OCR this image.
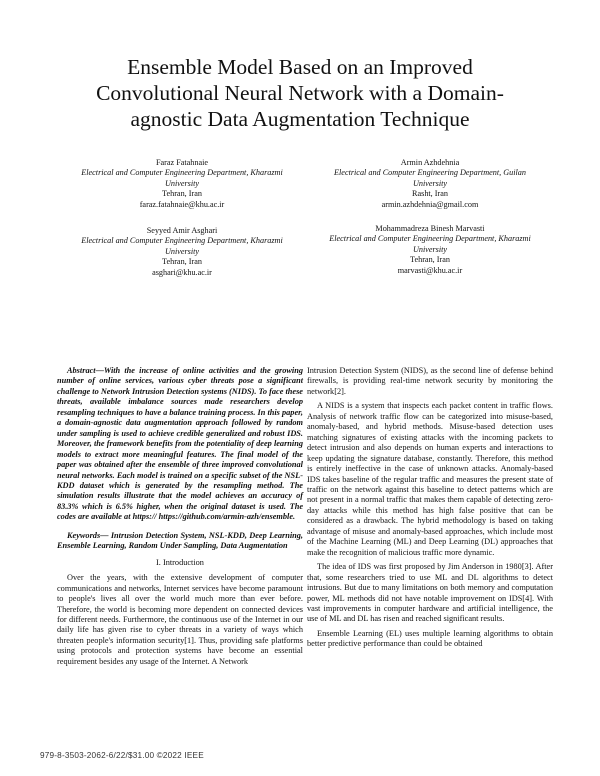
Ensemble Model Based on an Improved
Convolutional Neural Network with a Domain-
agnostic Data Augmentation Technique
Faraz Fatahnaie
Electrical and Computer Engineering Department, Kharazmi
University
Tehran, Iran
faraz.fatahnaie@khu.ac.ir
Armin Azhdehnia
Electrical and Computer Engineering Department, Guilan
University
Rasht, Iran
armin.azhdehnia@gmail.com
Seyyed Amir Asghari
Electrical and Computer Engineering Department, Kharazmi
University
Tehran, Iran
asghari@khu.ac.ir
Mohammadreza Binesh Marvasti
Electrical and Computer Engineering Department, Kharazmi
University
Tehran, Iran
marvasti@khu.ac.ir

Abstract—With the increase of online activities and the growing number of online services, various cyber threats pose a significant challenge to Network Intrusion Detection systems (NIDS). To face these threats, available imbalance sources made researchers develop resampling techniques to have a balance training process. In this paper, a domain-agnostic data augmentation approach followed by random under sampling is used to achieve credible generalized and robust IDS. Moreover, the framework benefits from the potentiality of deep learning models to extract more meaningful features. The final model of the paper was obtained after the ensemble of three improved convolutional neural networks. Each model is trained on a specific subset of the NSL-KDD dataset which is generated by the resampling method. The simulation results illustrate that the model achieves an accuracy of 83.3% which is 6.5% higher, when the original dataset is used. The codes are available at https:// https://github.com/armin-azh/ensemble.

Keywords— Intrusion Detection System, NSL-KDD, Deep Learning, Ensemble Learning, Random Under Sampling, Data Augmentation

I. Introduction

Over the years, with the extensive development of computer communications and networks, Internet services have become paramount to people's lives all over the world much more than ever before. Therefore, the world is becoming more dependent on connected devices for different needs. Furthermore, the continuous use of the Internet in our daily life has given rise to cyber threats in a variety of ways which threaten people's information security[1]. Thus, providing safe platforms using protocols and protection systems have become an essential requirement besides any usage of the Internet. A Network

Intrusion Detection System (NIDS), as the second line of defense behind firewalls, is providing real-time network security by monitoring the network[2].

A NIDS is a system that inspects each packet content in traffic flows. Analysis of network traffic flow can be categorized into misuse-based, anomaly-based, and hybrid methods. Misuse-based detection uses matching signatures of existing attacks with the incoming packets to detect intrusion and also depends on human experts and interactions to keep updating the signature database, constantly. Therefore, this method is entirely ineffective in the case of unknown attacks. Anomaly-based IDS takes baseline of the regular traffic and measures the present state of traffic on the network against this baseline to detect patterns which are not present in a normal traffic that makes them capable of detecting zero-day attacks while this method has high false positive that can be considered as a drawback. The hybrid methodology is based on taking advantage of misuse and anomaly-based approaches, which include most of the Machine Learning (ML) and Deep Learning (DL) approaches that make the recognition of malicious traffic more dynamic.

The idea of IDS was first proposed by Jim Anderson in 1980[3]. After that, some researchers tried to use ML and DL algorithms to detect intrusions. But due to many limitations on both memory and computation power, ML methods did not have notable improvement on IDS[4]. With vast improvements in computer hardware and artificial intelligence, the use of ML and DL has risen and reached significant results.

Ensemble Learning (EL) uses multiple learning algorithms to obtain better predictive performance than could be obtained

979-8-3503-2062-6/22/$31.00 ©2022 IEEE
